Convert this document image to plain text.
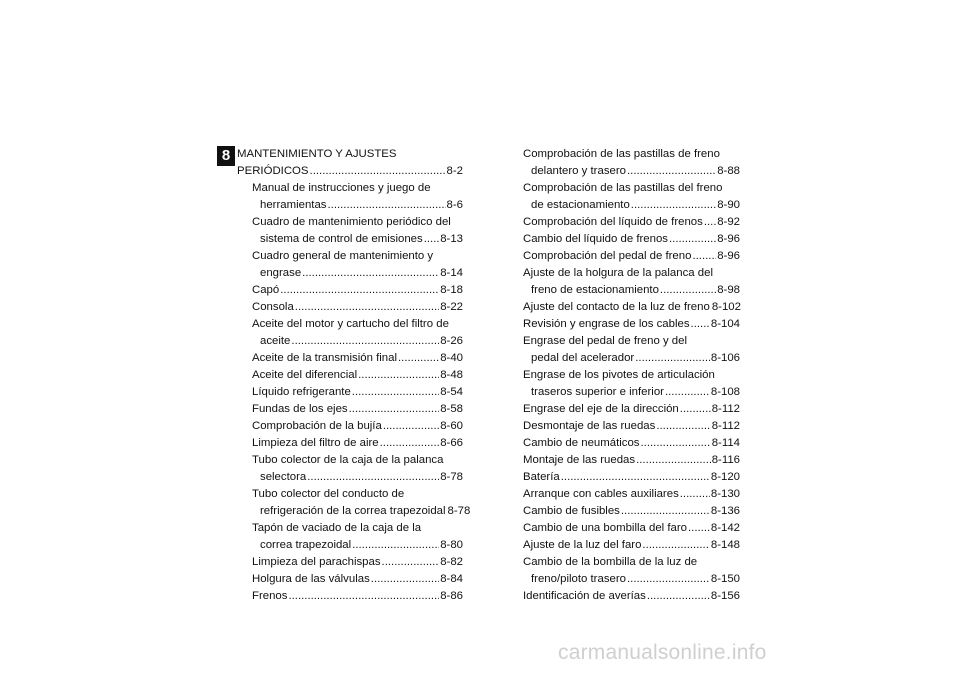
8 MANTENIMIENTO Y AJUSTES
PERIÓDICOS .....	8-2
Manual de instrucciones y juego de
herramientas .....	8-6
Cuadro de mantenimiento periódico del
sistema de control de emisiones ..... 8-13
Cuadro general de mantenimiento y
engrase .....	8-14
Capó .....	8-18
Consola .....	8-22
Aceite del motor y cartucho del filtro de
aceite .....	8-26
Aceite de la transmisión final .....	8-40
Aceite del diferencial .....	8-48
Líquido refrigerante .....	8-54
Fundas de los ejes .....	8-58
Comprobación de la bujía .....	8-60
Limpieza del filtro de aire .....	8-66
Tubo colector de la caja de la palanca
selectora .....	8-78
Tubo colector del conducto de
refrigeración de la correa trapezoidal 8-78
Tapón de vaciado de la caja de la
correa trapezoidal .....	8-80
Limpieza del parachispas .....	8-82
Holgura de las válvulas .....	8-84
Frenos .....	8-86
Comprobación de las pastillas de freno
delantero y trasero .....	8-88
Comprobación de las pastillas del freno
de estacionamiento .....	8-90
Comprobación del líquido de frenos ..... 8-92
Cambio del líquido de frenos .....	8-96
Comprobación del pedal de freno ..... 8-96
Ajuste de la holgura de la palanca del
freno de estacionamiento .....	8-98
Ajuste del contacto de la luz de freno 8-102
Revisión y engrase de los cables ..... 8-104
Engrase del pedal de freno y del
pedal del acelerador .....	8-106
Engrase de los pivotes de articulación
traseros superior e inferior .....	8-108
Engrase del eje de la dirección .....	8-112
Desmontaje de las ruedas .....	8-112
Cambio de neumáticos .....	8-114
Montaje de las ruedas .....	8-116
Batería .....	8-120
Arranque con cables auxiliares .....	8-130
Cambio de fusibles .....	8-136
Cambio de una bombilla del faro ..... 8-142
Ajuste de la luz del faro .....	8-148
Cambio de la bombilla de la luz de
freno/piloto trasero .....	8-150
Identificación de averías .....	8-156
carmanualsonline.info
